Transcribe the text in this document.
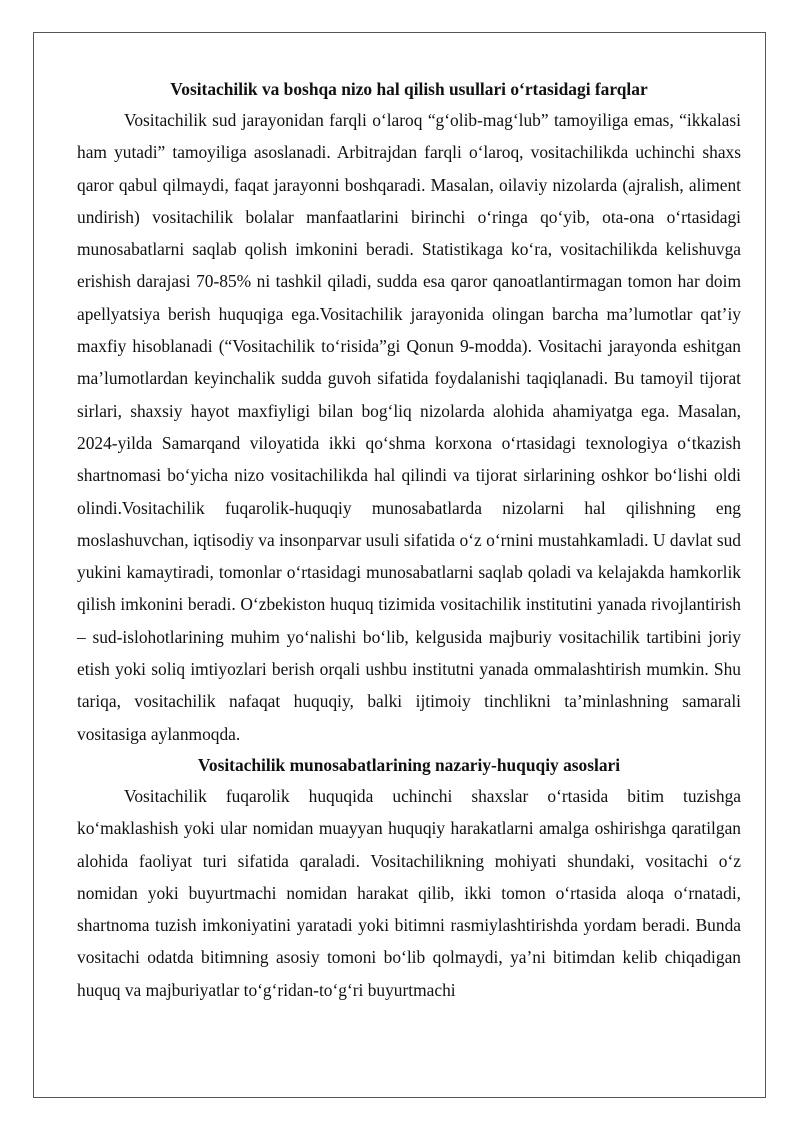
Vositachilik va boshqa nizo hal qilish usullari o‘rtasidagi farqlar

Vositachilik sud jarayonidan farqli o‘laroq “g‘olib-mag‘lub” tamoyiliga emas, “ikkalasi ham yutadi” tamoyiliga asoslanadi. Arbitrajdan farqli o‘laroq, vositachilikda uchinchi shaxs qaror qabul qilmaydi, faqat jarayonni boshqaradi. Masalan, oilaviy nizolarda (ajralish, aliment undirish) vositachilik bolalar manfaatlarini birinchi o‘ringa qo‘yib, ota-ona o‘rtasidagi munosabatlarni saqlab qolish imkonini beradi. Statistikaga ko‘ra, vositachilikda kelishuvga erishish darajasi 70-85% ni tashkil qiladi, sudda esa qaror qanoatlantirmagan tomon har doim apellyatsiya berish huquqiga ega.Vositachilik jarayonida olingan barcha ma’lumotlar qat’iy maxfiy hisoblanadi (“Vositachilik to‘risida”gi Qonun 9-modda). Vositachi jarayonda eshitgan ma’lumotlardan keyinchalik sudda guvoh sifatida foydalanishi taqiqlanadi. Bu tamoyil tijorat sirlari, shaxsiy hayot maxfiyligi bilan bog‘liq nizolarda alohida ahamiyatga ega. Masalan, 2024-yilda Samarqand viloyatida ikki qo‘shma korxona o‘rtasidagi texnologiya o‘tkazish shartnomasi bo‘yicha nizo vositachilikda hal qilindi va tijorat sirlarining oshkor bo‘lishi oldi olindi.Vositachilik fuqarolik-huquqiy munosabatlarda nizolarni hal qilishning eng moslashuvchan, iqtisodiy va insonparvar usuli sifatida o‘z o‘rnini mustahkamladi. U davlat sud yukini kamaytiradi, tomonlar o‘rtasidagi munosabatlarni saqlab qoladi va kelajakda hamkorlik qilish imkonini beradi. O‘zbekiston huquq tizimida vositachilik institutini yanada rivojlantirish – sud-islohotlarining muhim yo‘nalishi bo‘lib, kelgusida majburiy vositachilik tartibini joriy etish yoki soliq imtiyozlari berish orqali ushbu institutni yanada ommalashtirish mumkin. Shu tariqa, vositachilik nafaqat huquqiy, balki ijtimoiy tinchlikni ta’minlashning samarali vositasiga aylanmoqda.

Vositachilik munosabatlarining nazariy-huquqiy asoslari

Vositachilik fuqarolik huquqida uchinchi shaxslar o‘rtasida bitim tuzishga ko‘maklashish yoki ular nomidan muayyan huquqiy harakatlarni amalga oshirishga qaratilgan alohida faoliyat turi sifatida qaraladi. Vositachilikning mohiyati shundaki, vositachi o‘z nomidan yoki buyurtmachi nomidan harakat qilib, ikki tomon o‘rtasida aloqa o‘rnatadi, shartnoma tuzish imkoniyatini yaratadi yoki bitimni rasmiylashtirishda yordam beradi. Bunda vositachi odatda bitimning asosiy tomoni bo‘lib qolmaydi, ya’ni bitimdan kelib chiqadigan huquq va majburiyatlar to‘g‘ridan-to‘g‘ri buyurtmachi
